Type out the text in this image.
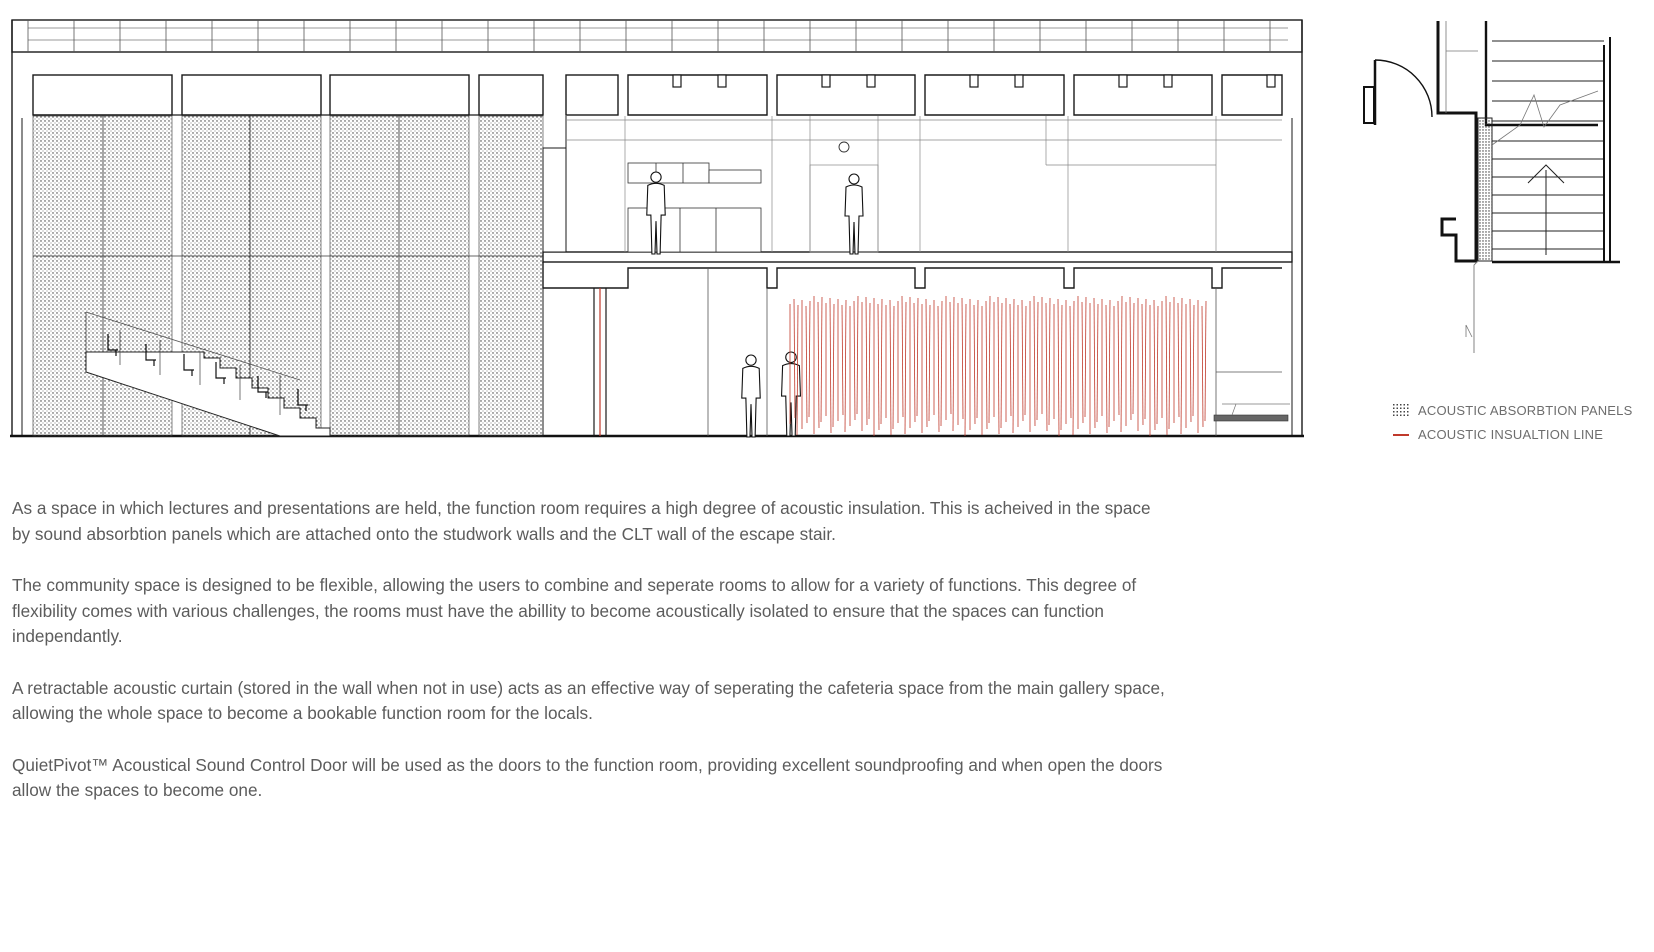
ACOUSTIC ABSORBTION PANELS
ACOUSTIC INSUALTION LINE

As a space in which lectures and presentations are held, the function room requires a high degree of acoustic insulation. This is acheived in the space by sound absorbtion panels which are attached onto the studwork walls and the CLT wall of the escape stair.

The community space is designed to be flexible, allowing the users to combine and seperate rooms to allow for a variety of functions. This degree of flexibility comes with various challenges, the rooms must have the abillity to become acoustically isolated to ensure that the spaces can function independantly.

A retractable acoustic curtain (stored in the wall when not in use) acts as an effective way of seperating the cafeteria space from the main gallery space, allowing the whole space to become a bookable function room for the locals.

QuietPivot™ Acoustical Sound Control Door will be used as the doors to the function room, providing excellent soundproofing and when open the doors allow the spaces to become one.
